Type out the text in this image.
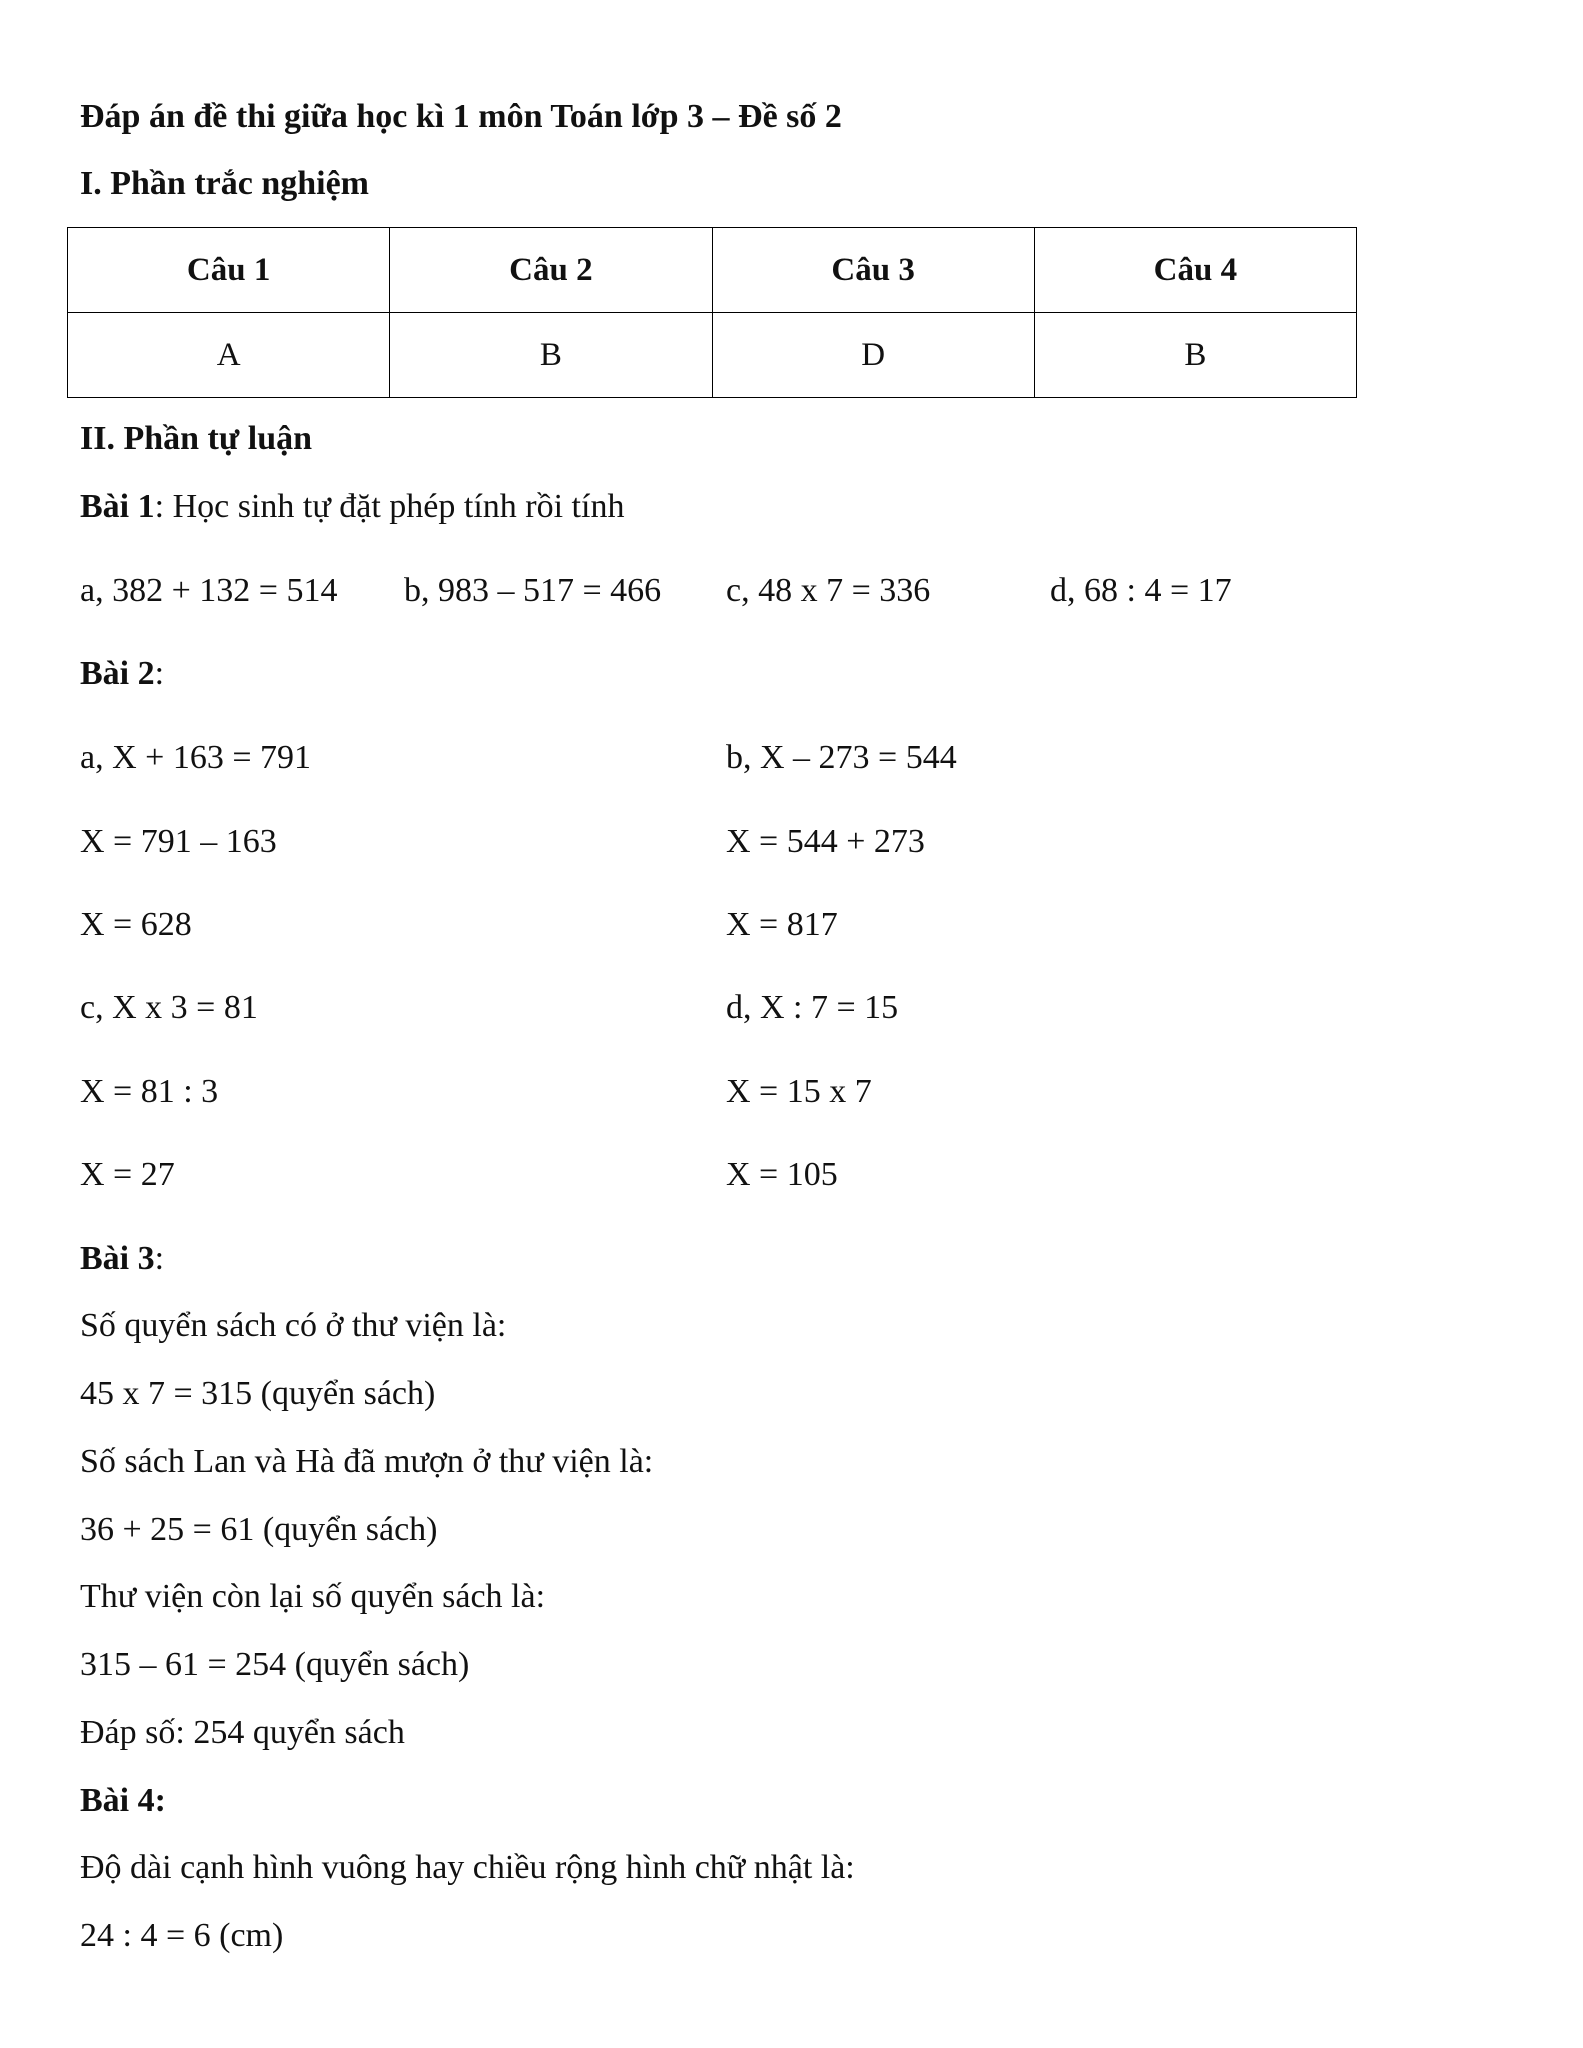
Đáp án đề thi giữa học kì 1 môn Toán lớp 3 – Đề số 2
I. Phần trắc nghiệm
Câu 1	Câu 2	Câu 3	Câu 4
A	B	D	B
II. Phần tự luận
Bài 1: Học sinh tự đặt phép tính rồi tính
a, 382 + 132 = 514 b, 983 – 517 = 466 c, 48 x 7 = 336	d, 68 : 4 = 17
Bài 2:
a, X + 163 = 791
X = 791 – 163
X = 628
c, X x 3 = 81
X = 81 : 3
X = 27
b, X – 273 = 544
X = 544 + 273
X = 817
d, X : 7 = 15
X = 15 x 7
X = 105
Bài 3:
Số quyển sách có ở thư viện là:
45 x 7 = 315 (quyển sách)
Số sách Lan và Hà đã mượn ở thư viện là:
36 + 25 = 61 (quyển sách)
Thư viện còn lại số quyển sách là:
315 – 61 = 254 (quyển sách)
Đáp số: 254 quyển sách
Bài 4:
Độ dài cạnh hình vuông hay chiều rộng hình chữ nhật là:
24 : 4 = 6 (cm)
